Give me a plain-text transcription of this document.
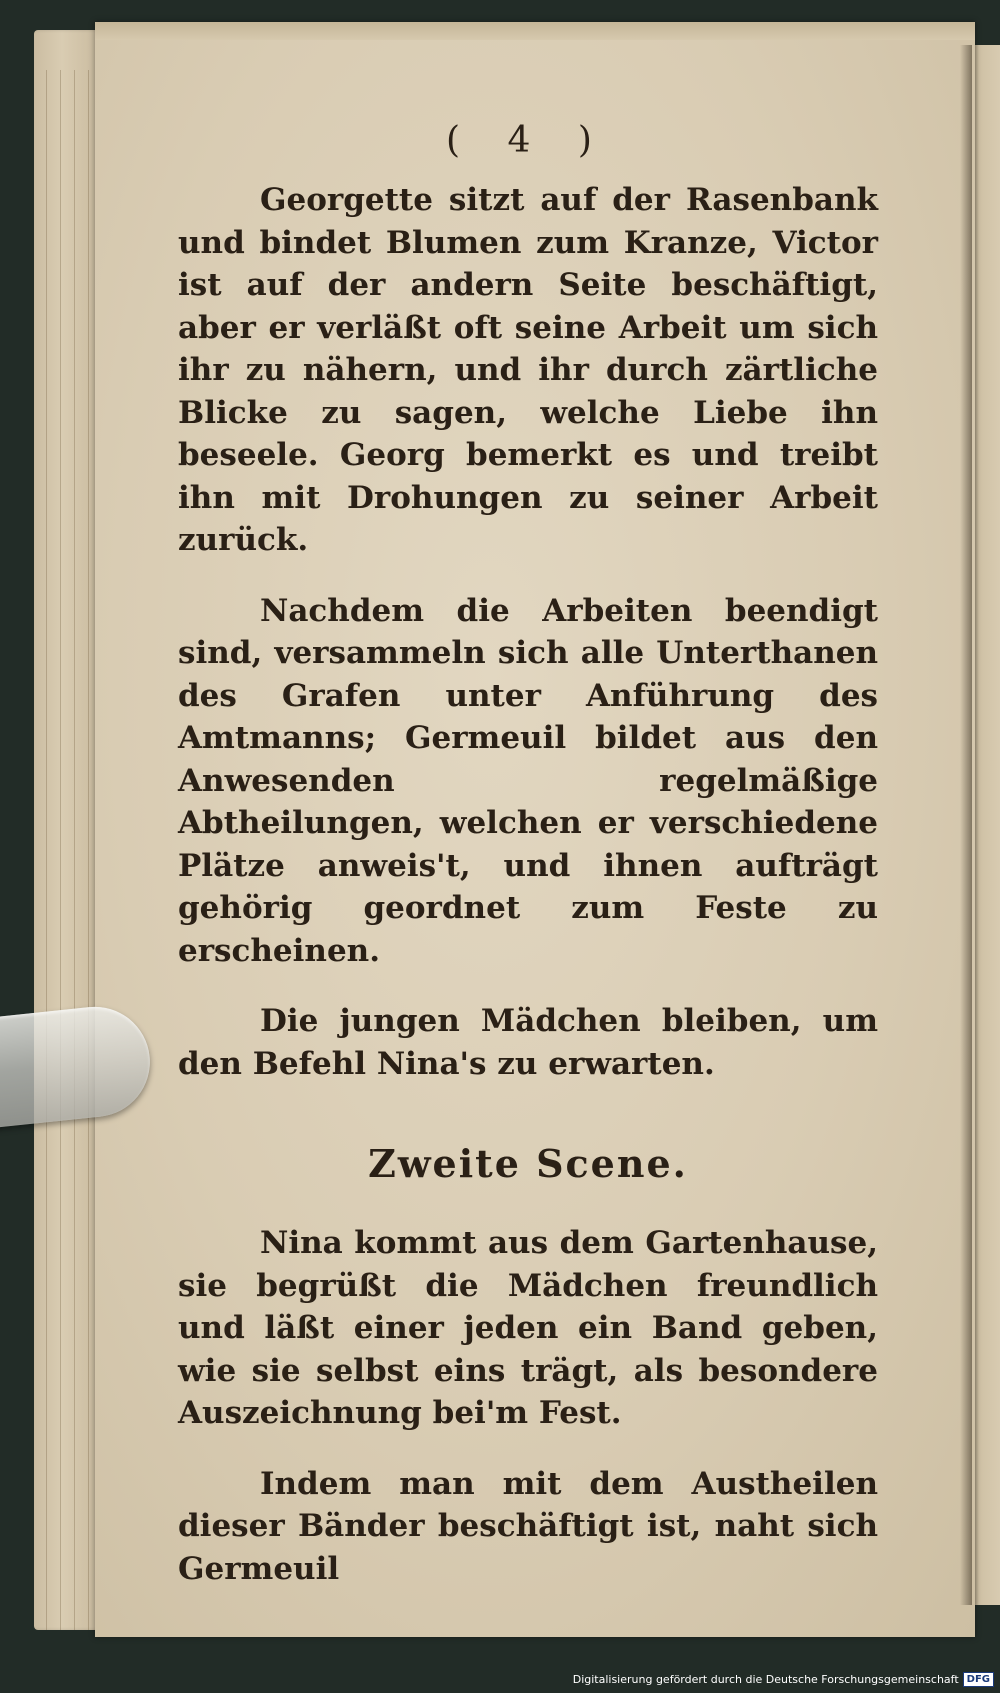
( 4 )

Georgette sitzt auf der Rasenbank und bindet Blumen zum Kranze, Victor ist auf der andern Seite beschäftigt, aber er verläßt oft seine Arbeit um sich ihr zu nähern, und ihr durch zärtliche Blicke zu sagen, welche Liebe ihn beseele. Georg bemerkt es und treibt ihn mit Drohungen zu seiner Arbeit zurück.

Nachdem die Arbeiten beendigt sind, versammeln sich alle Unterthanen des Grafen unter Anführung des Amtmanns; Germeuil bildet aus den Anwesenden regelmäßige Abtheilungen, welchen er verschiedene Plätze anweis't, und ihnen aufträgt gehörig geordnet zum Feste zu erscheinen.

Die jungen Mädchen bleiben, um den Befehl Nina's zu erwarten.

Zweite Scene.

Nina kommt aus dem Gartenhause, sie begrüßt die Mädchen freundlich und läßt einer jeden ein Band geben, wie sie selbst eins trägt, als besondere Auszeichnung bei'm Fest.

Indem man mit dem Austheilen dieser Bänder beschäftigt ist, naht sich Germeuil

Digitalisierung gefördert durch die Deutsche Forschungsgemeinschaft DFG
